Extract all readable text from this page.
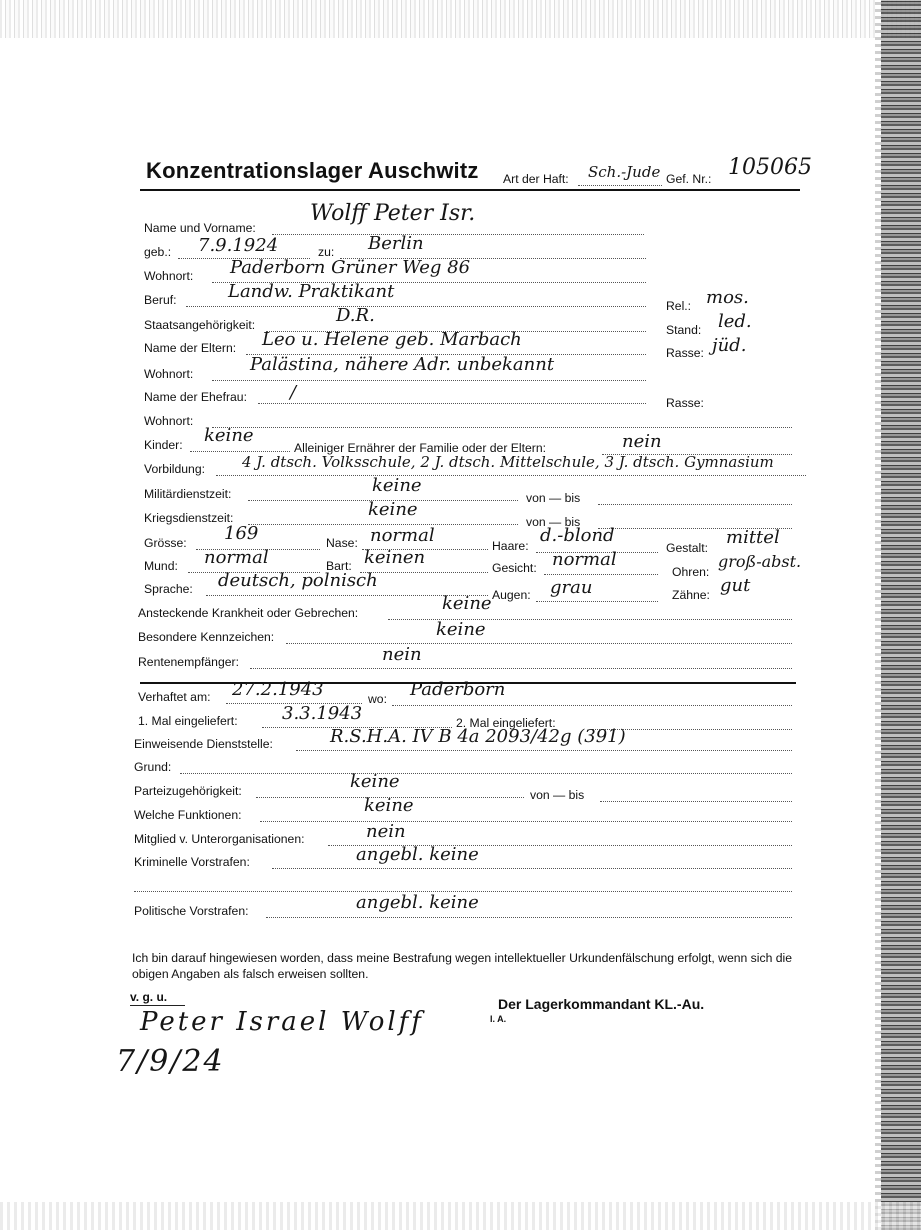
Konzentrationslager Auschwitz Art der Haft: Sch.-Jude Gef. Nr.: 105065
Name und Vorname:
Wolff Peter Isr.
geb.: 7.9.1924	zu: Berlin
Wohnort: Paderborn Grüner Weg 86
Beruf:	Landw. Praktikant
Rel.: mos.
Staatsangehörigkeit:	D.R.
Stand: led.
Name der Eltern: Leo u. Helene geb. Marbach
Rasse: jüd.
Wohnort:	Palästina, nähere Adr. unbekannt
Name der Ehefrau: /	Rasse:
Wohnort:
Kinder: keine
Alleiniger Ernährer der Familie oder der Eltern:	nein
Vorbildung: 4 J. dtsch. Volksschule, 2 J. dtsch. Mittelschule, 3 J. dtsch. Gymnasium
Militärdienstzeit:	keine
von — bis
Kriegsdienstzeit:	keine
von — bis
Grösse: 169	Nase: normal	Haare: d.-blond
Gestalt: mittel
Mund: normal	Bart: keinen	Gesicht: normal
Ohren:
groß-abst.
Sprache: deutsch, polnisch
Augen: grau	Zähne: gut
Ansteckende Krankheit oder Gebrechen:	keine
Besondere Kennzeichen:	keine
Rentenempfänger:	nein
Verhaftet am: 27.2.1943	wo: Paderborn
1. Mal eingeliefert: 3.3.1943	2. Mal eingeliefert:
Einweisende Dienststelle:	R.S.H.A. IV B 4a 2093/42g (391)
Grund:
Parteizugehörigkeit:	keine
von — bis
Welche Funktionen:	keine
Mitglied v. Unterorganisationen:	nein
Kriminelle Vorstrafen:	angebl. keine
Politische Vorstrafen:	angebl. keine
Ich bin darauf hingewiesen worden, dass meine Bestrafung wegen intellektueller Urkundenfälschung erfolgt, wenn sich die obigen Angaben als falsch erweisen sollten.
v. g. u.
Peter Israel Wolff
7/9/24
Der Lagerkommandant KL.-Au.
I. A.
